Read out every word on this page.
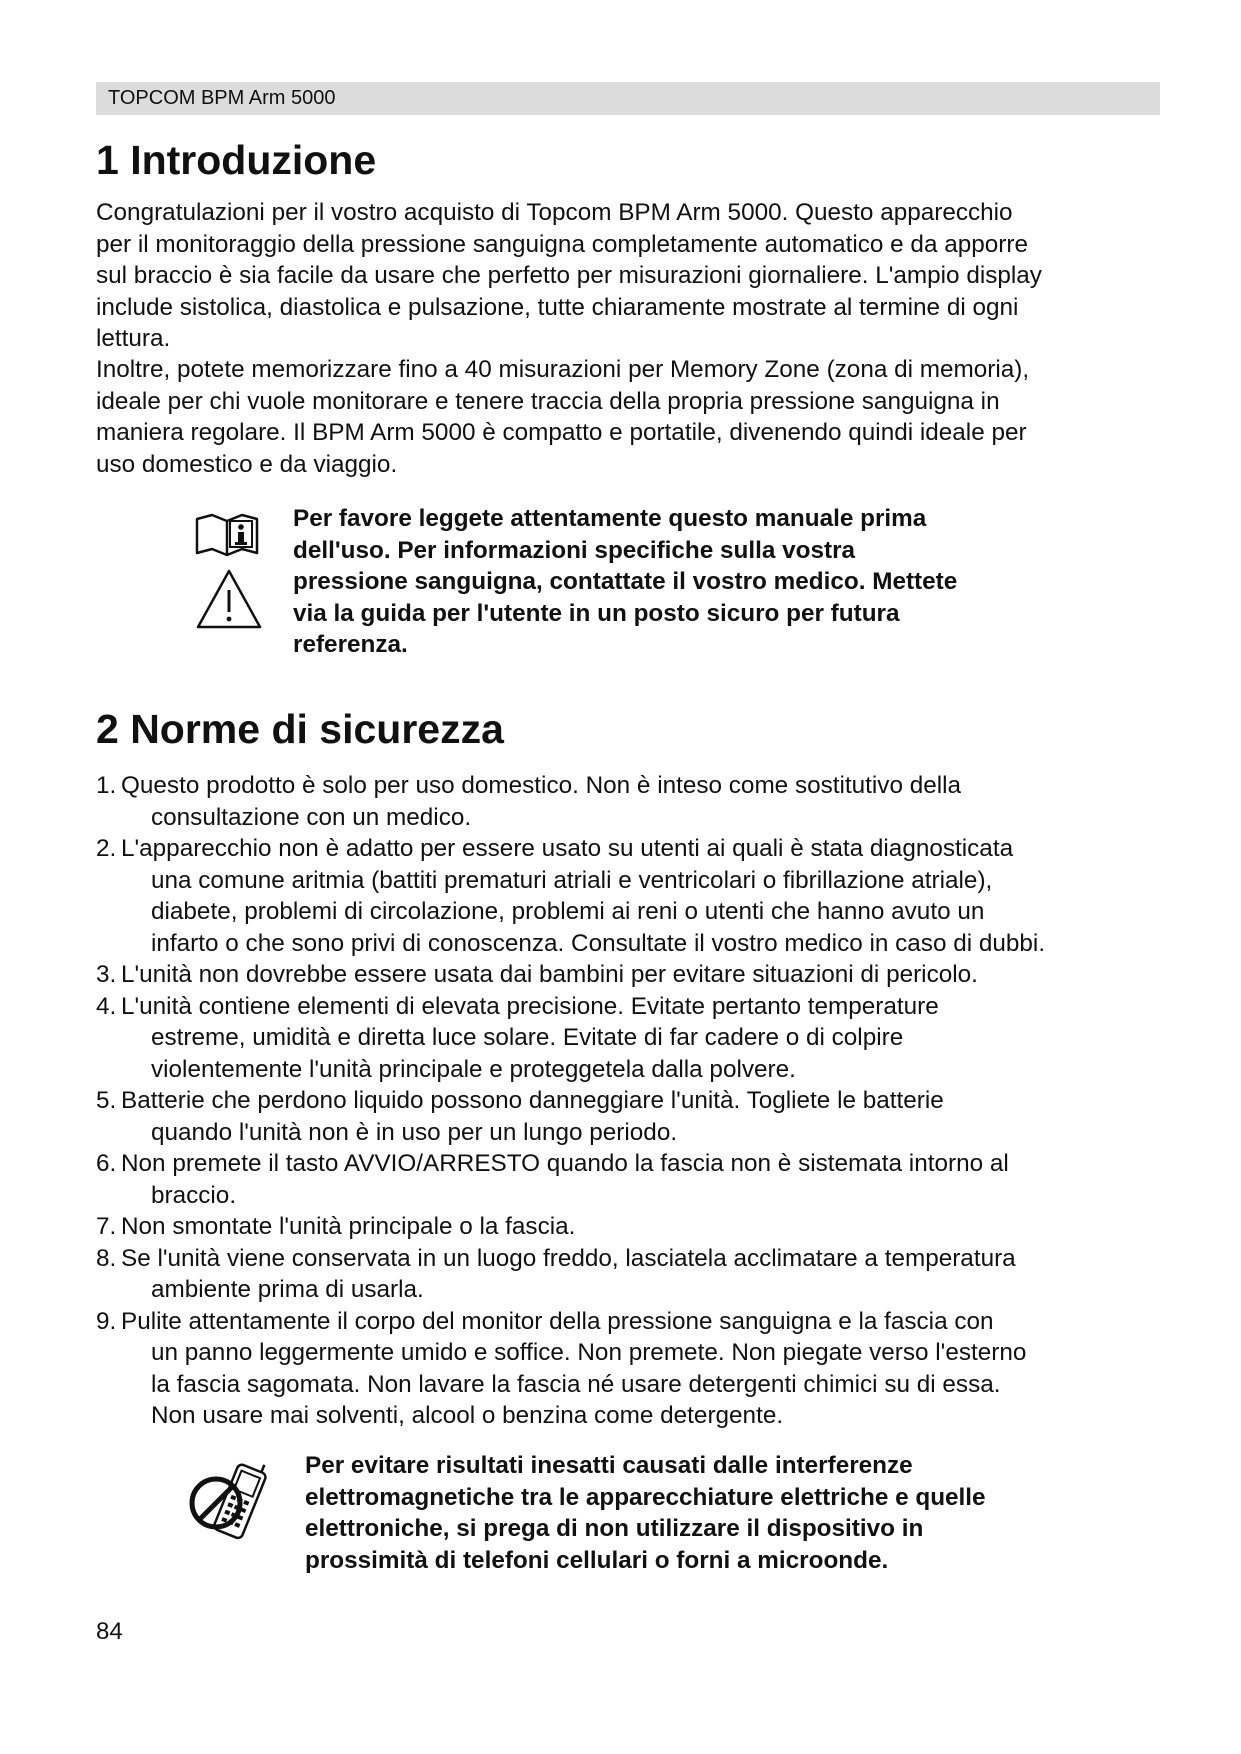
TOPCOM BPM Arm 5000
1 Introduzione
Congratulazioni per il vostro acquisto di Topcom BPM Arm 5000. Questo apparecchio
per il monitoraggio della pressione sanguigna completamente automatico e da apporre
sul braccio è sia facile da usare che perfetto per misurazioni giornaliere. L'ampio display
include sistolica, diastolica e pulsazione, tutte chiaramente mostrate al termine di ogni
lettura.
Inoltre, potete memorizzare fino a 40 misurazioni per Memory Zone (zona di memoria),
ideale per chi vuole monitorare e tenere traccia della propria pressione sanguigna in
maniera regolare. Il BPM Arm 5000 è compatto e portatile, divenendo quindi ideale per
uso domestico e da viaggio.
Per favore leggete attentamente questo manuale prima
dell'uso. Per informazioni specifiche sulla vostra
pressione sanguigna, contattate il vostro medico. Mettete
via la guida per l'utente in un posto sicuro per futura
referenza.
2 Norme di sicurezza
1. Questo prodotto è solo per uso domestico. Non è inteso come sostitutivo della
consultazione con un medico.
2. L'apparecchio non è adatto per essere usato su utenti ai quali è stata diagnosticata
una comune aritmia (battiti prematuri atriali e ventricolari o fibrillazione atriale),
diabete, problemi di circolazione, problemi ai reni o utenti che hanno avuto un
infarto o che sono privi di conoscenza. Consultate il vostro medico in caso di dubbi.
3. L'unità non dovrebbe essere usata dai bambini per evitare situazioni di pericolo.
4. L'unità contiene elementi di elevata precisione. Evitate pertanto temperature
estreme, umidità e diretta luce solare. Evitate di far cadere o di colpire
violentemente l'unità principale e proteggetela dalla polvere.
5. Batterie che perdono liquido possono danneggiare l'unità. Togliete le batterie
quando l'unità non è in uso per un lungo periodo.
6. Non premete il tasto AVVIO/ARRESTO quando la fascia non è sistemata intorno al
braccio.
7. Non smontate l'unità principale o la fascia.
8. Se l'unità viene conservata in un luogo freddo, lasciatela acclimatare a temperatura
ambiente prima di usarla.
9. Pulite attentamente il corpo del monitor della pressione sanguigna e la fascia con
un panno leggermente umido e soffice. Non premete. Non piegate verso l'esterno
la fascia sagomata. Non lavare la fascia né usare detergenti chimici su di essa.
Non usare mai solventi, alcool o benzina come detergente.
Per evitare risultati inesatti causati dalle interferenze
elettromagnetiche tra le apparecchiature elettriche e quelle
elettroniche, si prega di non utilizzare il dispositivo in
prossimità di telefoni cellulari o forni a microonde.
84
